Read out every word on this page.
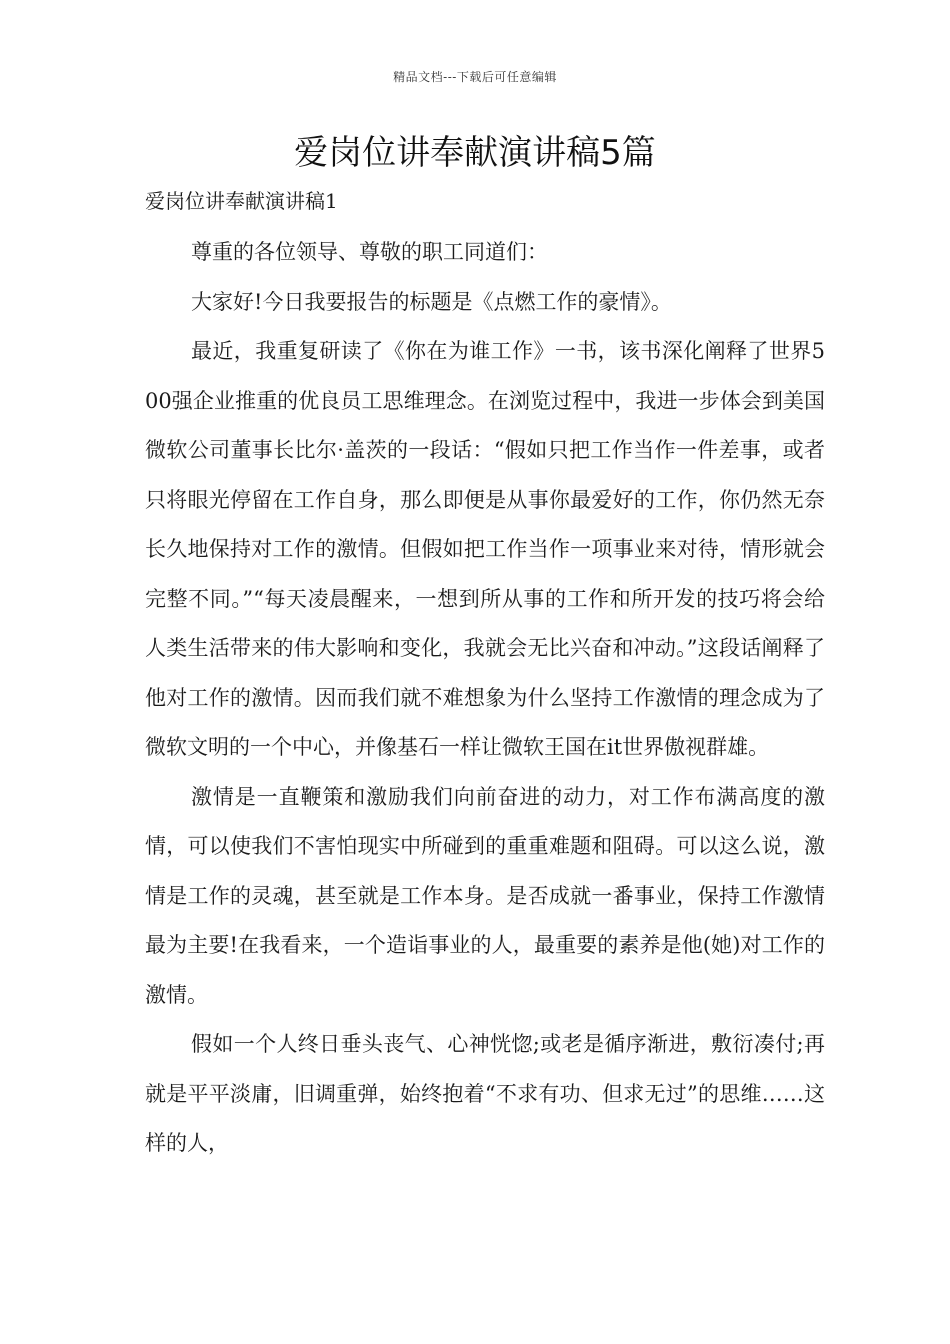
精品文档---下载后可任意编辑
爱岗位讲奉献演讲稿5篇
爱岗位讲奉献演讲稿1

尊重的各位领导、尊敬的职工同道们：

大家好!今日我要报告的标题是《点燃工作的豪情》。

最近，我重复研读了《你在为谁工作》一书，该书深化阐释了世界500强企业推重的优良员工思维理念。在浏览过程中，我进一步体会到美国微软公司董事长比尔·盖茨的一段话：“假如只把工作当作一件差事，或者只将眼光停留在工作自身，那么即便是从事你最爱好的工作，你仍然无奈长久地保持对工作的激情。但假如把工作当作一项事业来对待，情形就会完整不同。”“每天凌晨醒来，一想到所从事的工作和所开发的技巧将会给人类生活带来的伟大影响和变化，我就会无比兴奋和冲动。”这段话阐释了他对工作的激情。因而我们就不难想象为什么坚持工作激情的理念成为了微软文明的一个中心，并像基石一样让微软王国在it世界傲视群雄。

激情是一直鞭策和激励我们向前奋进的动力，对工作布满高度的激情，可以使我们不害怕现实中所碰到的重重难题和阻碍。可以这么说，激情是工作的灵魂，甚至就是工作本身。是否成就一番事业，保持工作激情最为主要!在我看来，一个造诣事业的人，最重要的素养是他(她)对工作的激情。

假如一个人终日垂头丧气、心神恍惚;或老是循序渐进，敷衍凑付;再就是平平淡庸，旧调重弹，始终抱着“不求有功、但求无过”的思维……这样的人，
